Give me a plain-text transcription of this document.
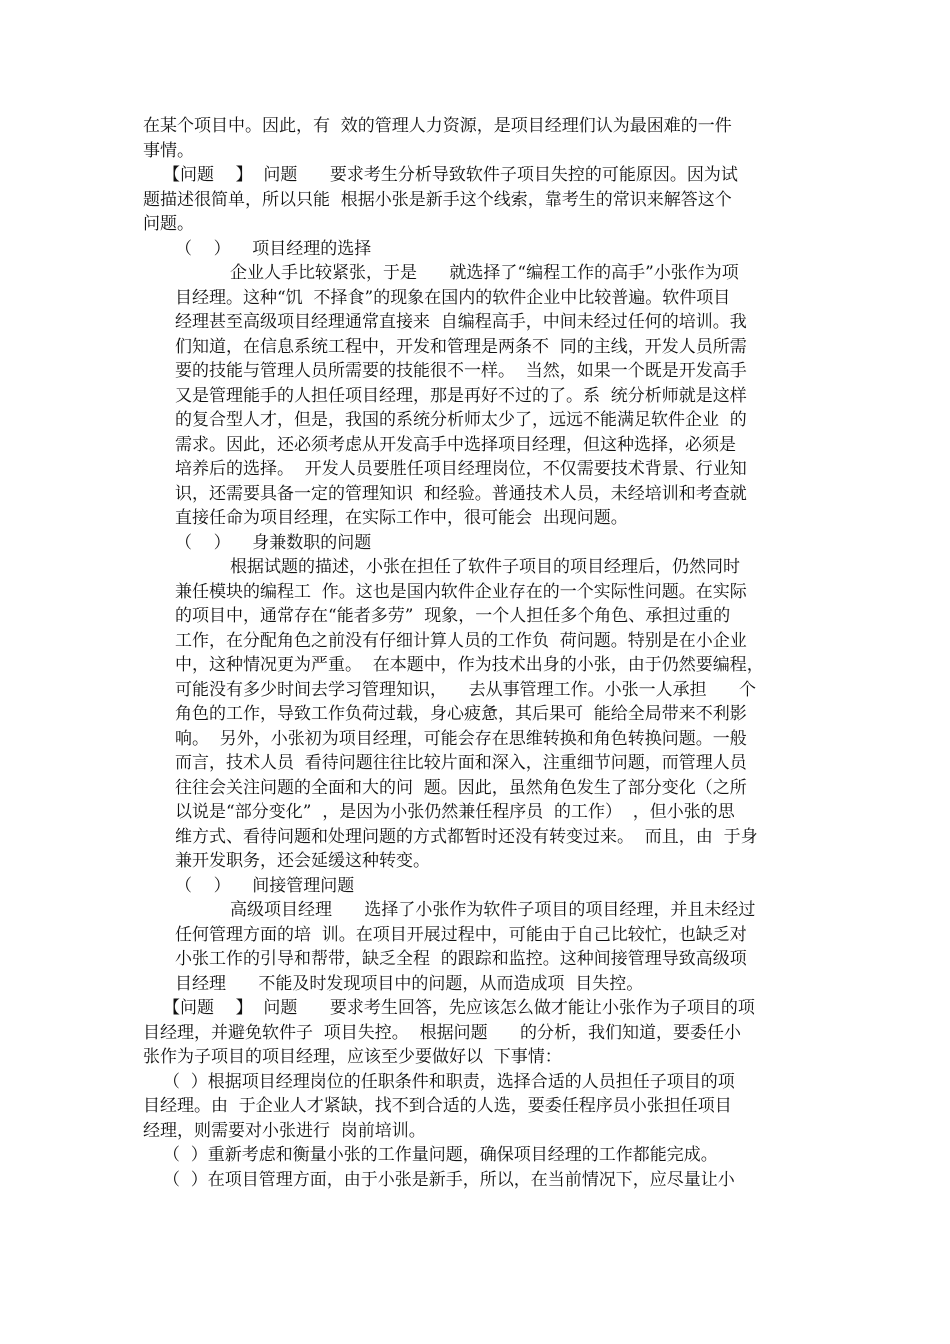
在某个项目中。因此，有  效的管理人力资源，是项目经理们认为最困难的一件
事情。
【问题    】  问题      要求考生分析导致软件子项目失控的可能原因。因为试
题描述很简单，所以只能  根据小张是新手这个线索，靠考生的常识来解答这个
问题。
（    ）    项目经理的选择
企业人手比较紧张，于是      就选择了“编程工作的高手”小张作为项
目经理。这种“饥  不择食”的现象在国内的软件企业中比较普遍。软件项目
经理甚至高级项目经理通常直接来  自编程高手，中间未经过任何的培训。我
们知道，在信息系统工程中，开发和管理是两条不  同的主线，开发人员所需
要的技能与管理人员所需要的技能很不一样。  当然，如果一个既是开发高手
又是管理能手的人担任项目经理，那是再好不过的了。系  统分析师就是这样
的复合型人才，但是，我国的系统分析师太少了，远远不能满足软件企业  的
需求。因此，还必须考虑从开发高手中选择项目经理，但这种选择，必须是
培养后的选择。  开发人员要胜任项目经理岗位，不仅需要技术背景、行业知
识，还需要具备一定的管理知识  和经验。普通技术人员，未经培训和考查就
直接任命为项目经理，在实际工作中，很可能会  出现问题。
（    ）    身兼数职的问题
根据试题的描述，小张在担任了软件子项目的项目经理后，仍然同时
兼任模块的编程工  作。这也是国内软件企业存在的一个实际性问题。在实际
的项目中，通常存在“能者多劳”  现象，一个人担任多个角色、承担过重的
工作，在分配角色之前没有仔细计算人员的工作负  荷问题。特别是在小企业
中，这种情况更为严重。  在本题中，作为技术出身的小张，由于仍然要编程，
可能没有多少时间去学习管理知识，    去从事管理工作。小张一人承担      个
角色的工作，导致工作负荷过载，身心疲惫，其后果可  能给全局带来不利影
响。  另外，小张初为项目经理，可能会存在思维转换和角色转换问题。一般
而言，技术人员  看待问题往往比较片面和深入，注重细节问题，而管理人员
往往会关注问题的全面和大的问  题。因此，虽然角色发生了部分变化（之所
以说是“部分变化”  ，是因为小张仍然兼任程序员  的工作）  ，但小张的思
维方式、看待问题和处理问题的方式都暂时还没有转变过来。  而且，由  于身
兼开发职务，还会延缓这种转变。
（    ）    间接管理问题
高级项目经理      选择了小张作为软件子项目的项目经理，并且未经过
任何管理方面的培  训。在项目开展过程中，可能由于自己比较忙，也缺乏对
小张工作的引导和帮带，缺乏全程  的跟踪和监控。这种间接管理导致高级项
目经理      不能及时发现项目中的问题，从而造成项  目失控。
【问题    】  问题      要求考生回答，先应该怎么做才能让小张作为子项目的项
目经理，并避免软件子  项目失控。  根据问题      的分析，我们知道，要委任小
张作为子项目的项目经理，应该至少要做好以  下事情：
（  ）根据项目经理岗位的任职条件和职责，选择合适的人员担任子项目的项
目经理。由  于企业人才紧缺，找不到合适的人选，要委任程序员小张担任项目
经理，则需要对小张进行  岗前培训。
（  ）重新考虑和衡量小张的工作量问题，确保项目经理的工作都能完成。
（  ）在项目管理方面，由于小张是新手，所以，在当前情况下，应尽量让小
